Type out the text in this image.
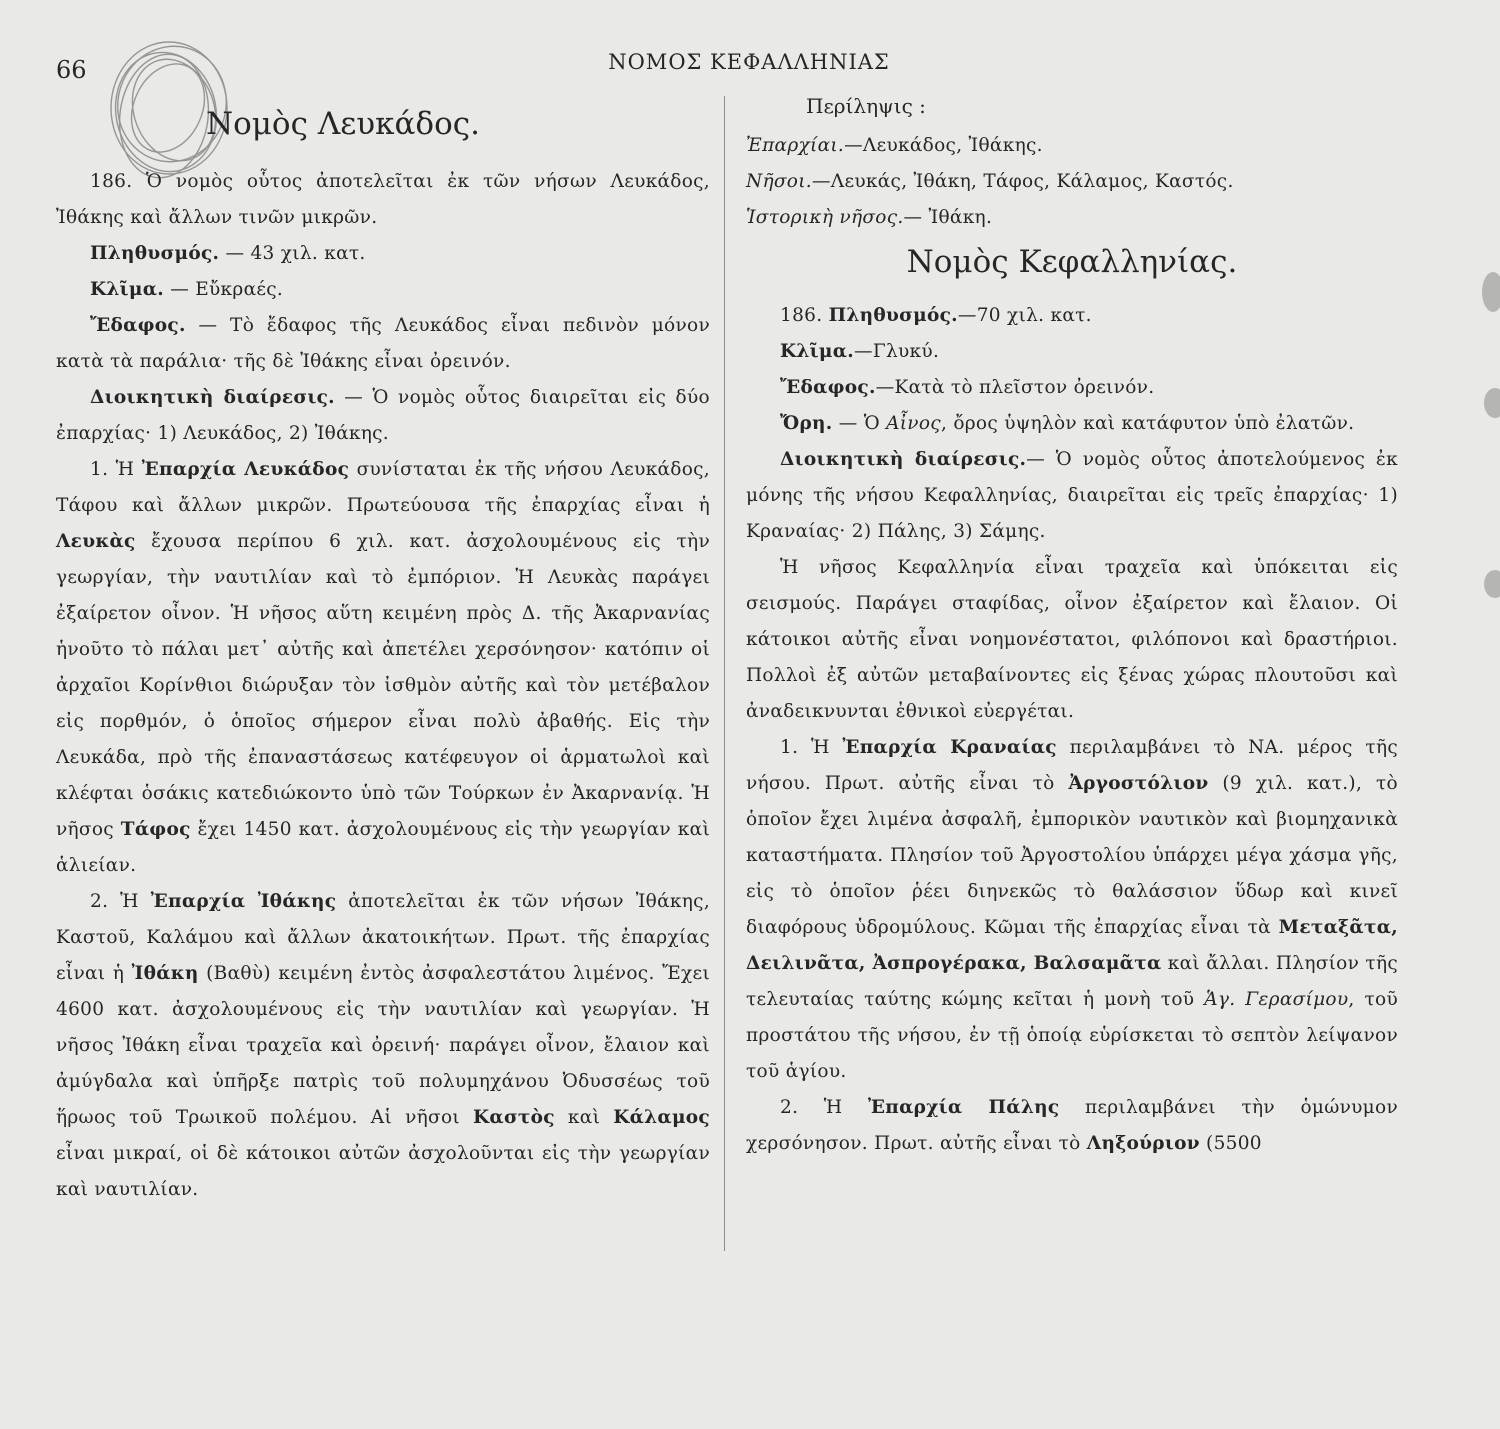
66	ΝΟΜΟΣ ΚΕΦΑΛΛΗΝΙΑΣ
Νομὸς Λευκάδος.

186. Ὁ νομὸς οὗτος ἀποτελεῖται ἐκ τῶν νήσων Λευκάδος, Ἰθάκης καὶ ἄλλων τινῶν μικρῶν.

Πληθυσμός. — 43 χιλ. κατ.

Κλῖμα. — Εὔκραές.

Ἔδαφος. — Τὸ ἔδαφος τῆς Λευκάδος εἶναι πεδινὸν μόνον κατὰ τὰ παράλια· τῆς δὲ Ἰθάκης εἶναι ὀρεινόν.

Διοικητικὴ διαίρεσις. — Ὁ νομὸς οὗτος διαιρεῖται εἰς δύο ἐπαρχίας· 1) Λευκάδος, 2) Ἰθάκης.

1. Ἡ Ἐπαρχία Λευκάδος συνίσταται ἐκ τῆς νήσου Λευκάδος, Τάφου καὶ ἄλλων μικρῶν. Πρωτεύουσα τῆς ἐπαρχίας εἶναι ἡ Λευκὰς ἔχουσα περίπου 6 χιλ. κατ. ἀσχολουμένους εἰς τὴν γεωργίαν, τὴν ναυτιλίαν καὶ τὸ ἐμπόριον. Ἡ Λευκὰς παράγει ἐξαίρετον οἶνον. Ἡ νῆσος αὕτη κειμένη πρὸς Δ. τῆς Ἀκαρνανίας ἡνοῦτο τὸ πάλαι μετ᾽ αὐτῆς καὶ ἀπετέλει χερσόνησον· κατόπιν οἱ ἀρχαῖοι Κορίνθιοι διώρυξαν τὸν ἰσθμὸν αὐτῆς καὶ τὸν μετέβαλον εἰς πορθμόν, ὁ ὁποῖος σήμερον εἶναι πολὺ ἀβαθής. Εἰς τὴν Λευκάδα, πρὸ τῆς ἐπαναστάσεως κατέφευγον οἱ ἁρματωλοὶ καὶ κλέφται ὁσάκις κατεδιώκοντο ὑπὸ τῶν Τούρκων ἐν Ἀκαρνανίᾳ. Ἡ νῆσος Τάφος ἔχει 1450 κατ. ἀσχολουμένους εἰς τὴν γεωργίαν καὶ ἁλιείαν.

2. Ἡ Ἐπαρχία Ἰθάκης ἀποτελεῖται ἐκ τῶν νήσων Ἰθάκης, Καστοῦ, Καλάμου καὶ ἄλλων ἀκατοικήτων. Πρωτ. τῆς ἐπαρχίας εἶναι ἡ Ἰθάκη (Βαθὺ) κειμένη ἐντὸς ἀσφαλεστάτου λιμένος. Ἔχει 4600 κατ. ἀσχολουμένους εἰς τὴν ναυτιλίαν καὶ γεωργίαν. Ἡ νῆσος Ἰθάκη εἶναι τραχεῖα καὶ ὀρεινή· παράγει οἶνον, ἔλαιον καὶ ἀμύγδαλα καὶ ὑπῆρξε πατρὶς τοῦ πολυμηχάνου Ὀδυσσέως τοῦ ἥρωος τοῦ Τρωικοῦ πολέμου. Αἱ νῆσοι Καστὸς καὶ Κάλαμος εἶναι μικραί, οἱ δὲ κάτοικοι αὐτῶν ἀσχολοῦνται εἰς τὴν γεωργίαν καὶ ναυτιλίαν.

Περίληψις :

Ἐπαρχίαι.—Λευκάδος, Ἰθάκης.

Νῆσοι.—Λευκάς, Ἰθάκη, Τάφος, Κάλαμος, Καστός.

Ἱστορικὴ νῆσος.— Ἰθάκη.

Νομὸς Κεφαλληνίας.

186. Πληθυσμός.—70 χιλ. κατ.

Κλῖμα.—Γλυκύ.

Ἔδαφος.—Κατὰ τὸ πλεῖστον ὀρεινόν.

Ὄρη. — Ὁ Αἶνος, ὄρος ὑψηλὸν καὶ κατάφυτον ὑπὸ ἐλατῶν.

Διοικητικὴ διαίρεσις.— Ὁ νομὸς οὗτος ἀποτελούμενος ἐκ μόνης τῆς νήσου Κεφαλληνίας, διαιρεῖται εἰς τρεῖς ἐπαρχίας· 1) Κραναίας· 2) Πάλης, 3) Σάμης.

Ἡ νῆσος Κεφαλληνία εἶναι τραχεῖα καὶ ὑπόκειται εἰς σεισμούς. Παράγει σταφίδας, οἶνον ἐξαίρετον καὶ ἔλαιον. Οἱ κάτοικοι αὐτῆς εἶναι νοημονέστατοι, φιλόπονοι καὶ δραστήριοι. Πολλοὶ ἐξ αὐτῶν μεταβαίνοντες εἰς ξένας χώρας πλουτοῦσι καὶ ἀναδεικνυνται ἐθνικοὶ εὐεργέται.

1. Ἡ Ἐπαρχία Κραναίας περιλαμβάνει τὸ ΝΑ. μέρος τῆς νήσου. Πρωτ. αὐτῆς εἶναι τὸ Ἀργοστόλιον (9 χιλ. κατ.), τὸ ὁποῖον ἔχει λιμένα ἀσφαλῆ, ἐμπορικὸν ναυτικὸν καὶ βιομηχανικὰ καταστήματα. Πλησίον τοῦ Ἀργοστολίου ὑπάρχει μέγα χάσμα γῆς, εἰς τὸ ὁποῖον ῥέει διηνεκῶς τὸ θαλάσσιον ὕδωρ καὶ κινεῖ διαφόρους ὑδρομύλους. Κῶμαι τῆς ἐπαρχίας εἶναι τὰ Μεταξᾶτα, Δειλινᾶτα, Ἀσπρογέρακα, Βαλσαμᾶτα καὶ ἄλλαι. Πλησίον τῆς τελευταίας ταύτης κώμης κεῖται ἡ μονὴ τοῦ Ἁγ. Γερασίμου, τοῦ προστάτου τῆς νήσου, ἐν τῇ ὁποίᾳ εὑρίσκεται τὸ σεπτὸν λείψανον τοῦ ἁγίου.

2. Ἡ Ἐπαρχία Πάλης περιλαμβάνει τὴν ὁμώνυμον χερσόνησον. Πρωτ. αὐτῆς εἶναι τὸ Ληξούριον (5500
